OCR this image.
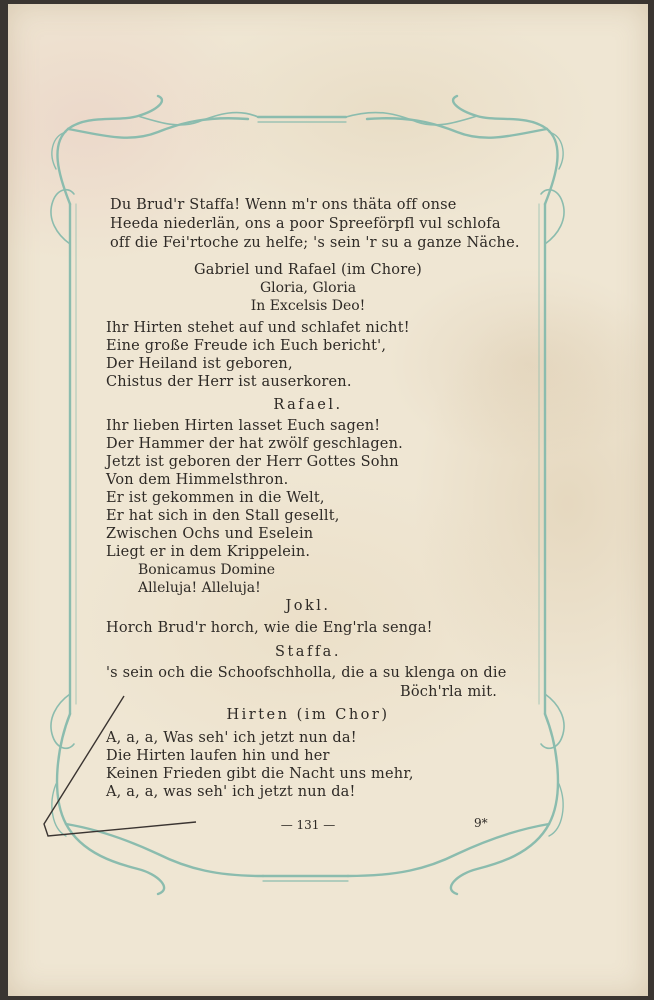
Du Brud'r Staffa! Wenn m'r ons thäta off onse
Heeda niederlän, ons a poor Spreeförpfl vul schlofa
off die Fei'rtoche zu helfe; 's sein 'r su a ganze Näche.
Gabriel und Rafael (im Chore)
Gloria, Gloria
In Excelsis Deo!
Ihr Hirten stehet auf und schlafet nicht!
Eine große Freude ich Euch bericht',
Der Heiland ist geboren,
Chistus der Herr ist auserkoren.
Rafael.
Ihr lieben Hirten lasset Euch sagen!
Der Hammer der hat zwölf geschlagen.
Jetzt ist geboren der Herr Gottes Sohn
Von dem Himmelsthron.
Er ist gekommen in die Welt,
Er hat sich in den Stall gesellt,
Zwischen Ochs und Eselein
Liegt er in dem Krippelein.
Bonicamus Domine
Alleluja! Alleluja!
Jokl.
Horch Brud'r horch, wie die Eng'rla senga!
Staffa.
's sein och die Schoofschholla, die a su klenga on die
Böch'rla mit.
Hirten (im Chor)
A, a, a, Was seh' ich jetzt nun da!
Die Hirten laufen hin und her
Keinen Frieden gibt die Nacht uns mehr,
A, a, a, was seh' ich jetzt nun da!
— 131 —	9*
